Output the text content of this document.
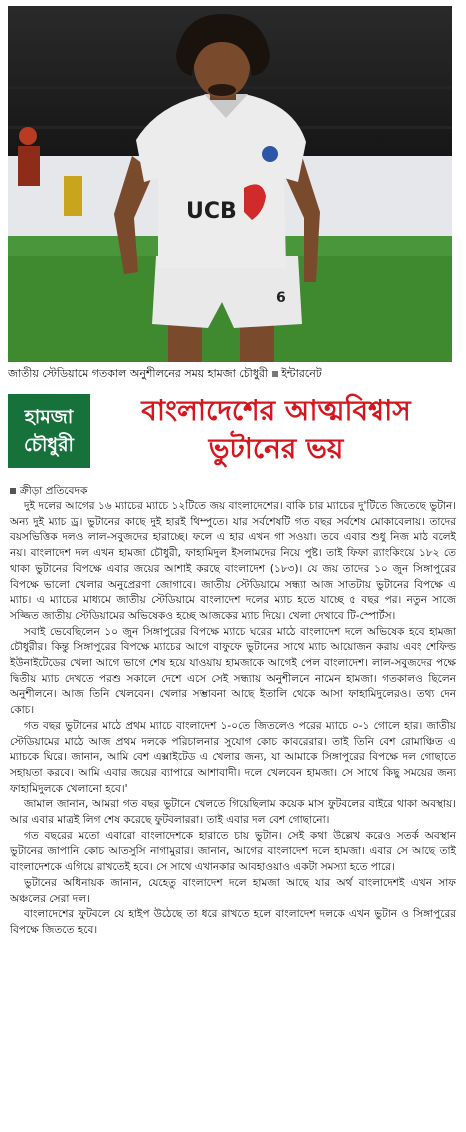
UCB
6
জাতীয় স্টেডিয়ামে গতকাল অনুশীলনের সময় হামজা চৌধুরী ইন্টারনেট
হামজা
চৌধুরী
বাংলাদেশের আত্মবিশ্বাস
ভুটানের ভয়
ক্রীড়া প্রতিবেদক

দুই দলের আগের ১৬ ম্যাচের ম্যাচে ১২টিতে জয় বাংলাদেশের। বাকি চার ম্যাচের দু'টিতে জিতেছে ভুটান। অন্য দুই ম্যাচ ড্র। ভুটানের কাছে দুই হারই থিম্পুতে। যার সর্বশেষটি গত বছর সর্বশেষ মোকাবেলায়। তাদের বয়সভিত্তিক দলও লাল-সবুজদের হারাচ্ছে। ফলে এ হার এখন গা সওয়া। তবে এবার শুধু নিজ মাঠ বলেই নয়। বাংলাদেশ দল এখন হামজা চৌধুরী, ফাহামিদুল ইসলামদের নিয়ে পুষ্ট। তাই ফিফা র‍্যাংকিংয়ে ১৮২ তে থাকা ভুটানের বিপক্ষে এবার জয়ের আশাই করছে বাংলাদেশ (১৮৩)। যে জয় তাদের ১০ জুন সিঙ্গাপুরের বিপক্ষে ভালো খেলার অনুপ্রেরণা জোগাবে। জাতীয় স্টেডিয়ামে সন্ধ্যা আজ সাতটায় ভুটানের বিপক্ষে এ ম্যাচ। এ ম্যাচের মাধ্যমে জাতীয় স্টেডিয়ামে বাংলাদেশ দলের ম্যাচ হতে যাচ্ছে ৫ বছর পর। নতুন সাজে সজ্জিত জাতীয় স্টেডিয়ামের অভিষেকও হচ্ছে আজকের ম্যাচ দিয়ে। খেলা দেখাবে টি-স্পোর্টস।

সবাই ভেবেছিলেন ১০ জুন সিঙ্গাপুরের বিপক্ষে ম্যাচে ঘরের মাঠে বাংলাদেশ দলে অভিষেক হবে হামজা চৌধুরীর। কিন্তু সিঙ্গাপুরের বিপক্ষে ম্যাচের আগে বাফুফে ভুটানের সাথে ম্যাচ আয়োজন করায় এবং শেফিল্ড ইউনাইটেডের খেলা আগে ভাগে শেষ হয়ে যাওয়ায় হামজাকে আগেই পেল বাংলাদেশ। লাল-সবুজদের পক্ষে দ্বিতীয় ম্যাচ দেখতে পরশু সকালে দেশে এসে সেই সন্ধ্যায় অনুশীলনে নামেন হামজা। গতকালও ছিলেন অনুশীলনে। আজ তিনি খেলবেন। খেলার সম্ভাবনা আছে ইতালি থেকে আসা ফাহামিদুলেরও। তথ্য দেন কোচ।

গত বছর ভুটানের মাঠে প্রথম ম্যাচে বাংলাদেশ ১-০তে জিতলেও পরের ম্যাচে ০-১ গোলে হার। জাতীয় স্টেডিয়ামের মাঠে আজ প্রথম দলকে পরিচালনার সুযোগ কোচ কাবরেরার। তাই তিনি বেশ রোমাঞ্চিত এ ম্যাচকে ঘিরে। জানান, আমি বেশ এক্সাইটেড এ খেলার জন্য, যা আমাকে সিঙ্গাপুরের বিপক্ষে দল গোছাতে সহায়তা করবে। আমি এবার জয়ের ব্যাপারে আশাবাদী। দলে খেলবেন হামজা। সে সাথে কিছু সময়ের জন্য ফাহামিদুলকে খেলানো হবে।'

জামাল জানান, আমরা গত বছর ভুটানে খেলতে গিয়েছিলাম কয়েক মাস ফুটবলের বাইরে থাকা অবস্থায়। আর এবার মাত্রই লিগ শেষ করেছে ফুটবলাররা। তাই এবার দল বেশ গোছানো।

গত বছরের মতো এবারো বাংলাদেশকে হারাতে চায় ভুটান। সেই কথা উল্লেখ করেও সতর্ক অবস্থান ভুটানের জাপানি কোচ আতসুসি নাগামুরার। জানান, আগের বাংলাদেশ দলে হামজা। এবার সে আছে তাই বাংলাদেশকে এগিয়ে রাখতেই হবে। সে সাথে এখানকার আবহাওয়াও একটা সমস্যা হতে পারে।

ভুটানের অধিনায়ক জানান, যেহেতু বাংলাদেশ দলে হামজা আছে যার অর্থ বাংলাদেশই এখন সাফ অঞ্চলের সেরা দল।

বাংলাদেশের ফুটবলে যে হাইপ উঠেছে তা ধরে রাখতে হলে বাংলাদেশ দলকে এখন ভুটান ও সিঙ্গাপুরের বিপক্ষে জিততে হবে।
